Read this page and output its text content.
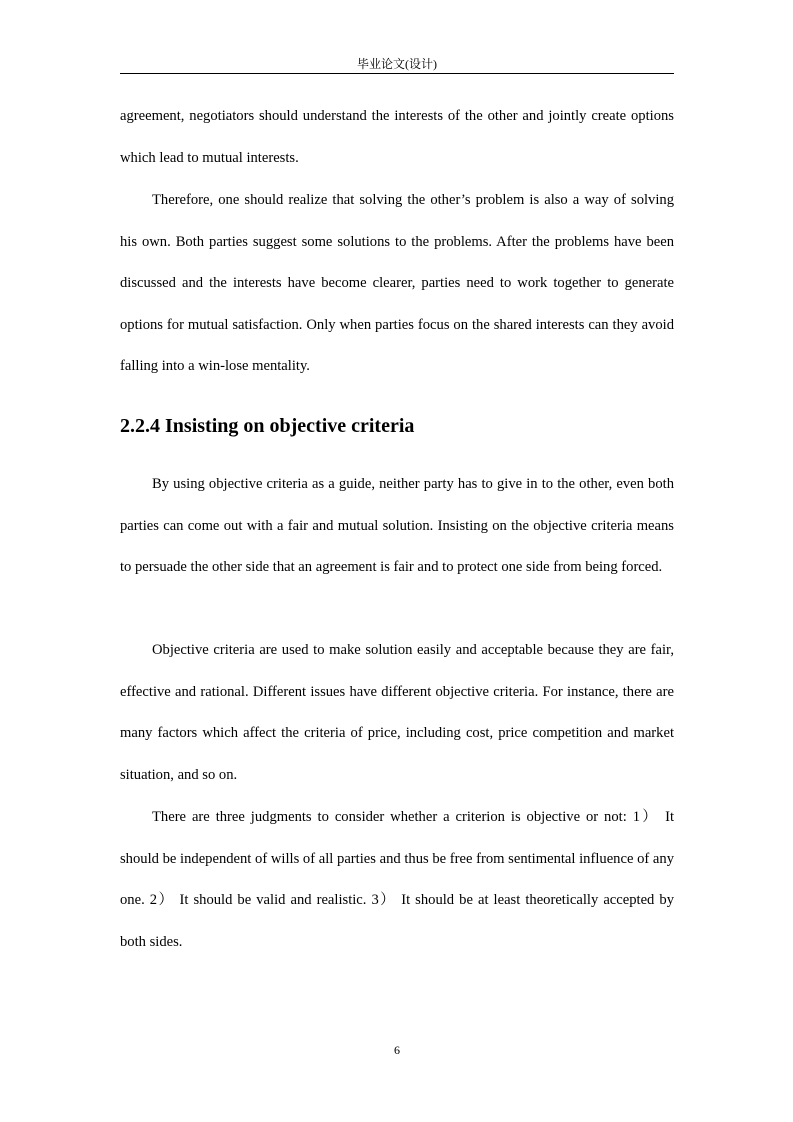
毕业论文(设计)

agreement, negotiators should understand the interests of the other and jointly create options which lead to mutual interests.

Therefore, one should realize that solving the other’s problem is also a way of solving his own. Both parties suggest some solutions to the problems. After the problems have been discussed and the interests have become clearer, parties need to work together to generate options for mutual satisfaction. Only when parties focus on the shared interests can they avoid falling into a win-lose mentality.

2.2.4 Insisting on objective criteria

By using objective criteria as a guide, neither party has to give in to the other, even both parties can come out with a fair and mutual solution. Insisting on the objective criteria means to persuade the other side that an agreement is fair and to protect one side from being forced.

Objective criteria are used to make solution easily and acceptable because they are fair, effective and rational. Different issues have different objective criteria. For instance, there are many factors which affect the criteria of price, including cost, price competition and market situation, and so on.

There are three judgments to consider whether a criterion is objective or not: 1） It should be independent of wills of all parties and thus be free from sentimental influence of any one. 2） It should be valid and realistic. 3） It should be at least theoretically accepted by both sides.

6
